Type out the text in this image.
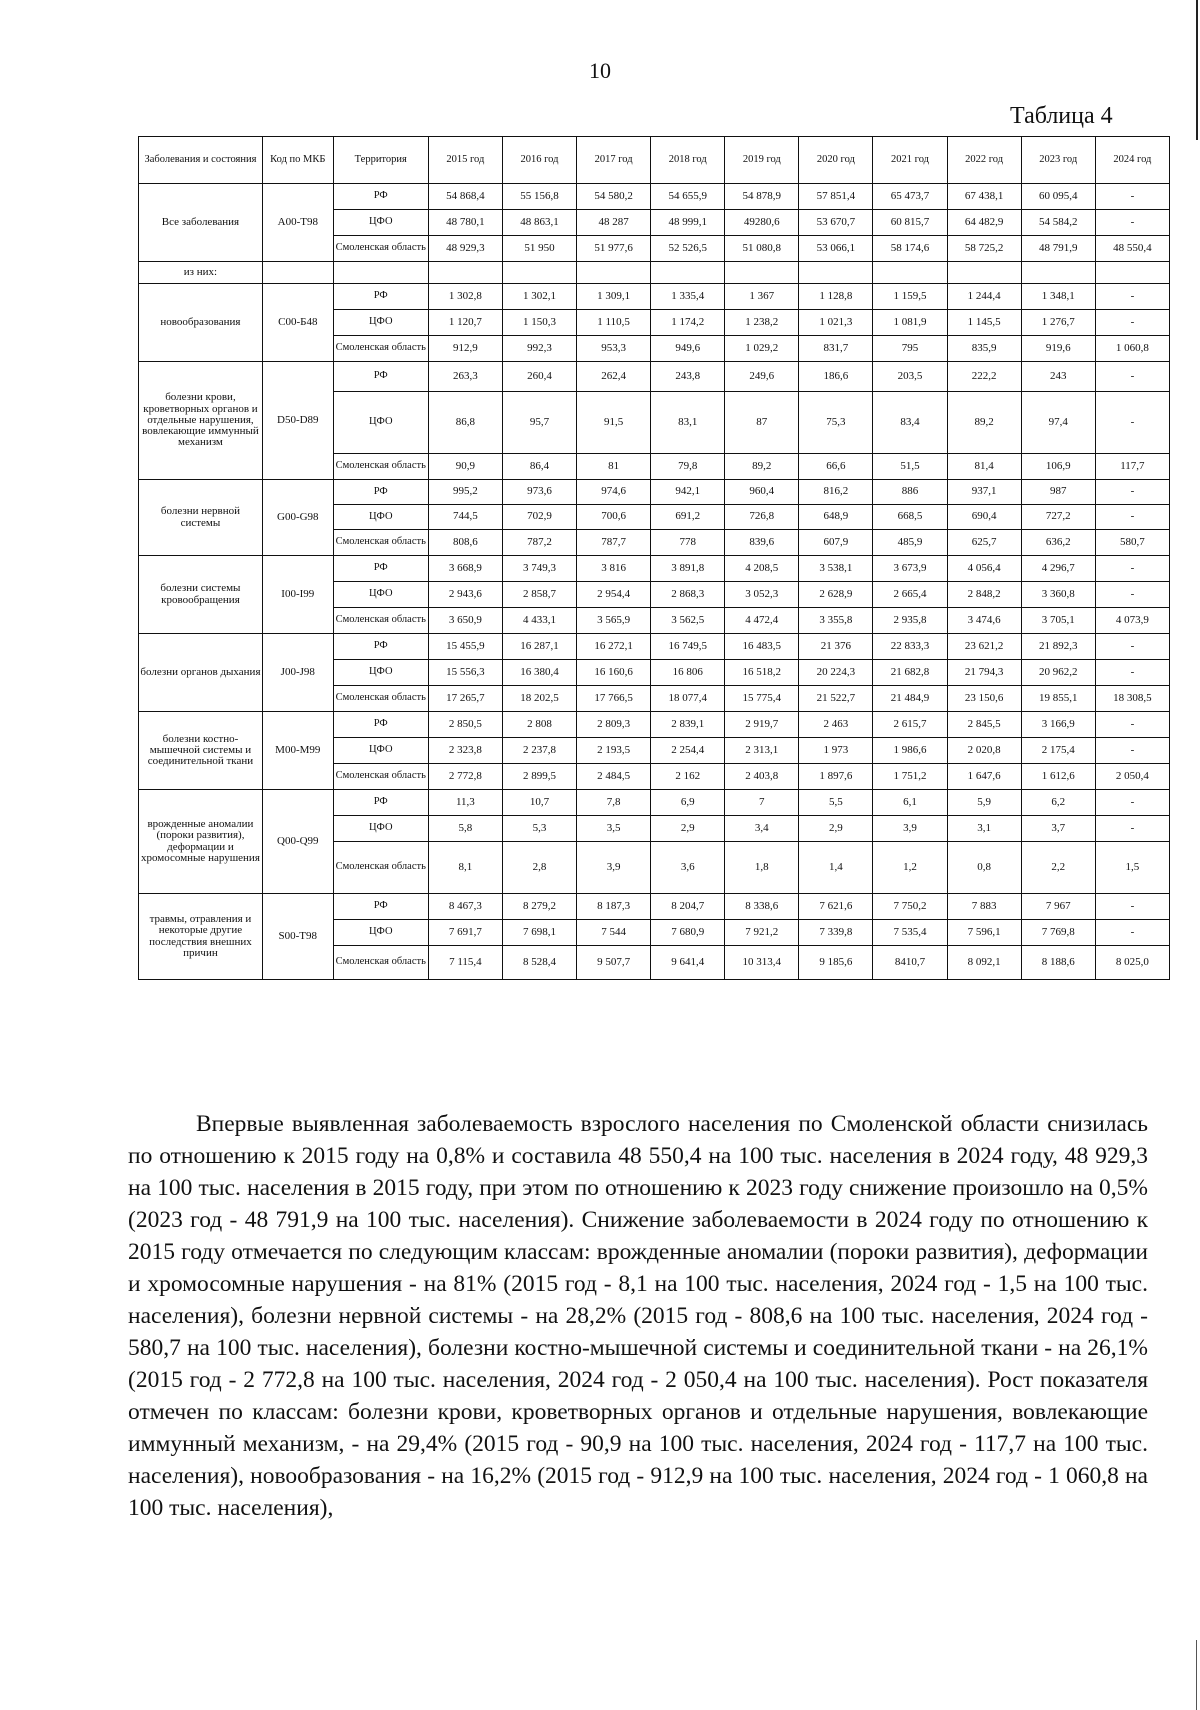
10
Таблица 4
Заболевания и состояния	Код по МКБ	Территория	2015 год	2016 год	2017 год	2018 год	2019 год	2020 год	2021 год	2022 год	2023 год	2024 год
Все заболевания	А00-Т98	РФ	54 868,4	55 156,8	54 580,2	54 655,9	54 878,9	57 851,4	65 473,7	67 438,1	60 095,4	-
		ЦФО	48 780,1	48 863,1	48 287	48 999,1	49280,6	53 670,7	60 815,7	64 482,9	54 584,2	-
		Смоленская область	48 929,3	51 950	51 977,6	52 526,5	51 080,8	53 066,1	58 174,6	58 725,2	48 791,9	48 550,4
из них:												
новообразования	С00-Б48	РФ	1 302,8	1 302,1	1 309,1	1 335,4	1 367	1 128,8	1 159,5	1 244,4	1 348,1	-
		ЦФО	1 120,7	1 150,3	1 110,5	1 174,2	1 238,2	1 021,3	1 081,9	1 145,5	1 276,7	-
		Смоленская область	912,9	992,3	953,3	949,6	1 029,2	831,7	795	835,9	919,6	1 060,8
болезни крови, кроветворных органов и отдельные нарушения, вовлекающие иммунный механизм	D50-D89	РФ	263,3	260,4	262,4	243,8	249,6	186,6	203,5	222,2	243	-
		ЦФО	86,8	95,7	91,5	83,1	87	75,3	83,4	89,2	97,4	-
		Смоленская область	90,9	86,4	81	79,8	89,2	66,6	51,5	81,4	106,9	117,7
болезни нервной системы	G00-G98	РФ	995,2	973,6	974,6	942,1	960,4	816,2	886	937,1	987	-
		ЦФО	744,5	702,9	700,6	691,2	726,8	648,9	668,5	690,4	727,2	-
		Смоленская область	808,6	787,2	787,7	778	839,6	607,9	485,9	625,7	636,2	580,7
болезни системы кровообращения	I00-I99	РФ	3 668,9	3 749,3	3 816	3 891,8	4 208,5	3 538,1	3 673,9	4 056,4	4 296,7	-
		ЦФО	2 943,6	2 858,7	2 954,4	2 868,3	3 052,3	2 628,9	2 665,4	2 848,2	3 360,8	-
		Смоленская область	3 650,9	4 433,1	3 565,9	3 562,5	4 472,4	3 355,8	2 935,8	3 474,6	3 705,1	4 073,9
болезни органов дыхания	J00-J98	РФ	15 455,9	16 287,1	16 272,1	16 749,5	16 483,5	21 376	22 833,3	23 621,2	21 892,3	-
		ЦФО	15 556,3	16 380,4	16 160,6	16 806	16 518,2	20 224,3	21 682,8	21 794,3	20 962,2	-
		Смоленская область	17 265,7	18 202,5	17 766,5	18 077,4	15 775,4	21 522,7	21 484,9	23 150,6	19 855,1	18 308,5
болезни костно-мышечной системы и соединительной ткани	M00-M99	РФ	2 850,5	2 808	2 809,3	2 839,1	2 919,7	2 463	2 615,7	2 845,5	3 166,9	-
		ЦФО	2 323,8	2 237,8	2 193,5	2 254,4	2 313,1	1 973	1 986,6	2 020,8	2 175,4	-
		Смоленская область	2 772,8	2 899,5	2 484,5	2 162	2 403,8	1 897,6	1 751,2	1 647,6	1 612,6	2 050,4
врожденные аномалии (пороки развития), деформации и хромосомные нарушения	Q00-Q99	РФ	11,3	10,7	7,8	6,9	7	5,5	6,1	5,9	6,2	-
		ЦФО	5,8	5,3	3,5	2,9	3,4	2,9	3,9	3,1	3,7	-
		Смоленская область	8,1	2,8	3,9	3,6	1,8	1,4	1,2	0,8	2,2	1,5
травмы, отравления и некоторые другие последствия внешних причин	S00-T98	РФ	8 467,3	8 279,2	8 187,3	8 204,7	8 338,6	7 621,6	7 750,2	7 883	7 967	-
		ЦФО	7 691,7	7 698,1	7 544	7 680,9	7 921,2	7 339,8	7 535,4	7 596,1	7 769,8	-
		Смоленская область	7 115,4	8 528,4	9 507,7	9 641,4	10 313,4	9 185,6	8410,7	8 092,1	8 188,6	8 025,0

Впервые выявленная заболеваемость взрослого населения по Смоленской области снизилась по отношению к 2015 году на 0,8% и составила 48 550,4 на 100 тыс. населения в 2024 году, 48 929,3 на 100 тыс. населения в 2015 году, при этом по отношению к 2023 году снижение произошло на 0,5% (2023 год - 48 791,9 на 100 тыс. населения). Снижение заболеваемости в 2024 году по отношению к 2015 году отмечается по следующим классам: врожденные аномалии (пороки развития), деформации и хромосомные нарушения - на 81% (2015 год - 8,1 на 100 тыс. населения, 2024 год - 1,5 на 100 тыс. населения), болезни нервной системы - на 28,2% (2015 год - 808,6 на 100 тыс. населения, 2024 год - 580,7 на 100 тыс. населения), болезни костно-мышечной системы и соединительной ткани - на 26,1% (2015 год - 2 772,8 на 100 тыс. населения, 2024 год - 2 050,4 на 100 тыс. населения). Рост показателя отмечен по классам: болезни крови, кроветворных органов и отдельные нарушения, вовлекающие иммунный механизм, - на 29,4% (2015 год - 90,9 на 100 тыс. населения, 2024 год - 117,7 на 100 тыс. населения), новообразования - на 16,2% (2015 год - 912,9 на 100 тыс. населения, 2024 год - 1 060,8 на 100 тыс. населения),
